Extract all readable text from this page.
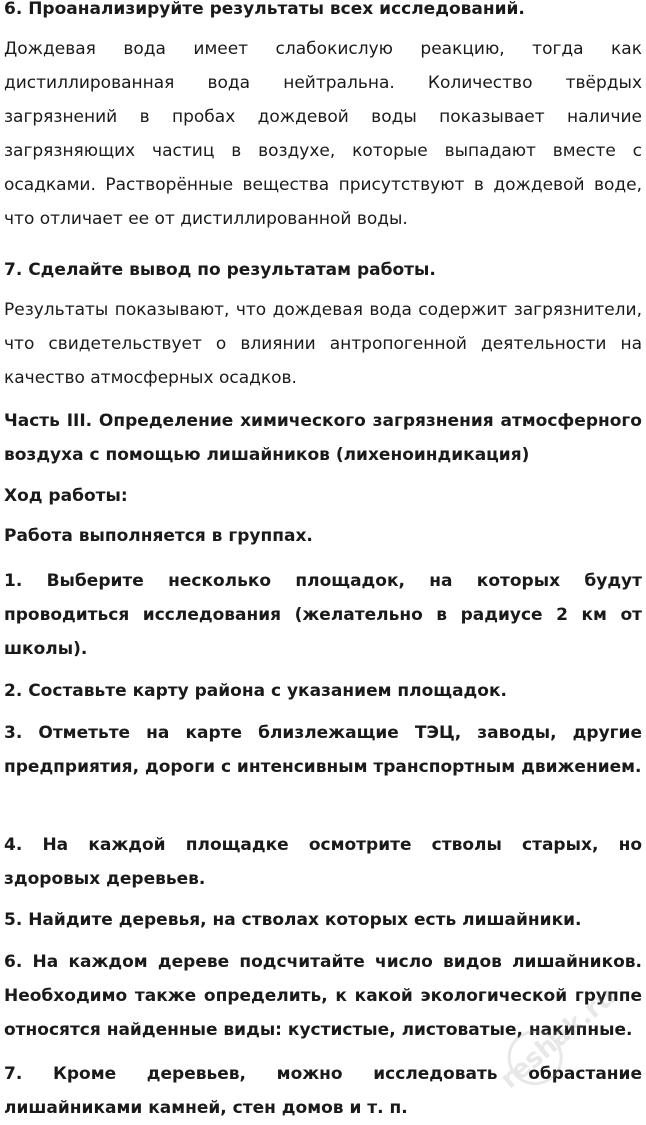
6. Проанализируйте результаты всех исследований.

Дождевая вода имеет слабокислую реакцию, тогда как дистиллированная вода нейтральна. Количество твёрдых загрязнений в пробах дождевой воды показывает наличие загрязняющих частиц в воздухе, которые выпадают вместе с осадками. Растворённые вещества присутствуют в дождевой воде, что отличает ее от дистиллированной воды.

7. Сделайте вывод по результатам работы.

Результаты показывают, что дождевая вода содержит загрязнители, что свидетельствует о влиянии антропогенной деятельности на качество атмосферных осадков.

Часть III. Определение химического загрязнения атмосферного воздуха с помощью лишайников (лихеноиндикация)

Ход работы:

Работа выполняется в группах.

1. Выберите несколько площадок, на которых будут проводиться исследования (желательно в радиусе 2 км от школы).

2. Составьте карту района с указанием площадок.

3. Отметьте на карте близлежащие ТЭЦ, заводы, другие предприятия, дороги с интенсивным транспортным движением.

4. На каждой площадке осмотрите стволы старых, но здоровых деревьев.

5. Найдите деревья, на стволах которых есть лишайники.

6. На каждом дереве подсчитайте число видов лишайников. Необходимо также определить, к какой экологической группе относятся найденные виды: кустистые, листоватые, накипные.

7. Кроме деревьев, можно исследовать обрастание лишайниками камней, стен домов и т. п.

reshak.ru
